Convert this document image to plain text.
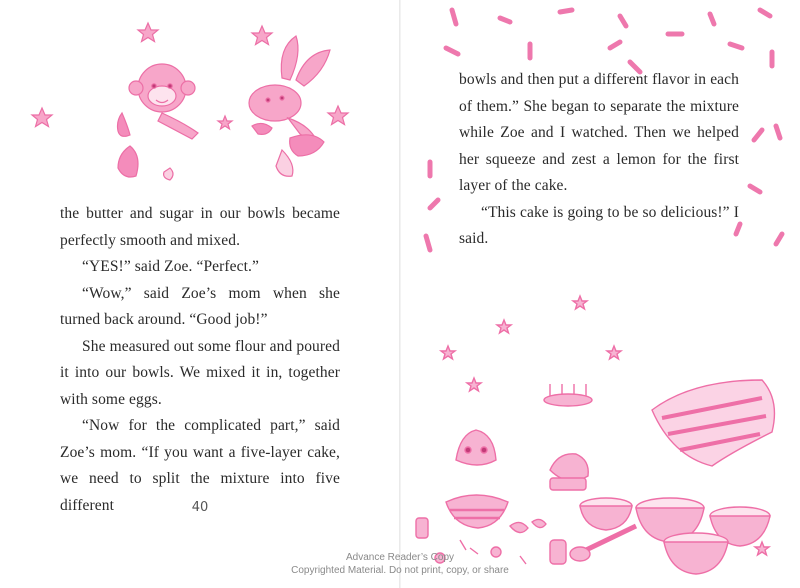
the butter and sugar in our bowls became perfectly smooth and mixed.

“YES!” said Zoe. “Perfect.”

“Wow,” said Zoe’s mom when she turned back around. “Good job!”

She measured out some flour and poured it into our bowls. We mixed it in, together with some eggs.

“Now for the complicated part,” said Zoe’s mom. “If you want a five-layer cake, we need to split the mixture into five different	40

bowls and then put a different flavor in each of them.” She began to separate the mixture while Zoe and I watched. Then we helped her squeeze and zest a lemon for the first layer of the cake.

“This cake is going to be so delicious!” I said.

Advance Reader’s Copy
Copyrighted Material. Do not print, copy, or share
